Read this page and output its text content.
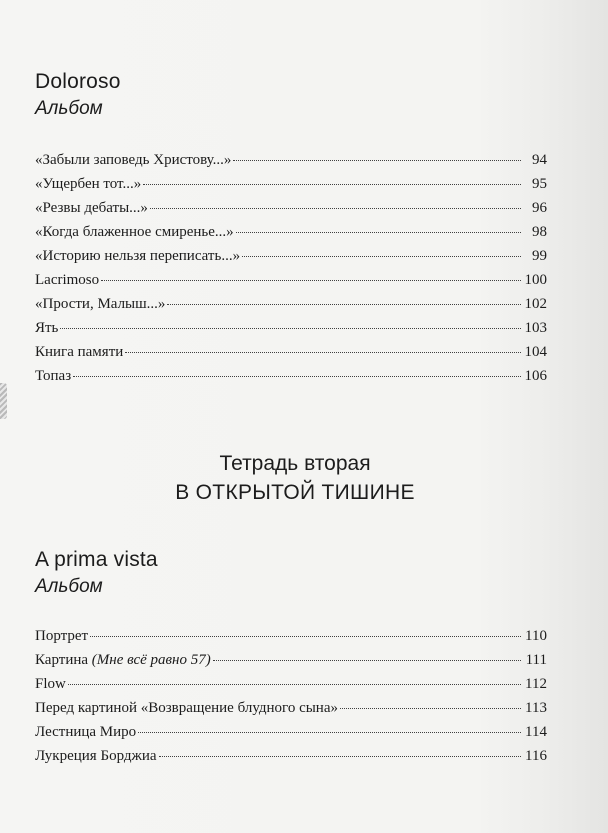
Doloroso
Альбом
«Забыли заповедь Христову...»	94
«Ущербен тот...»	95
«Резвы дебаты...»	96
«Когда блаженное смиренье...»	98
«Историю нельзя переписать...»	99
Lacrimoso	100
«Прости, Малыш...»	102
Ять	103
Книга памяти	104
Топаз	106
Тетрадь вторая
В ОТКРЫТОЙ ТИШИНЕ
A prima vista
Альбом
Портрет	110
Картина (Мне всё равно 57)	111
Flow	112
Перед картиной «Возвращение блудного сына»	113
Лестница Миро	114
Лукреция Борджиа	116
